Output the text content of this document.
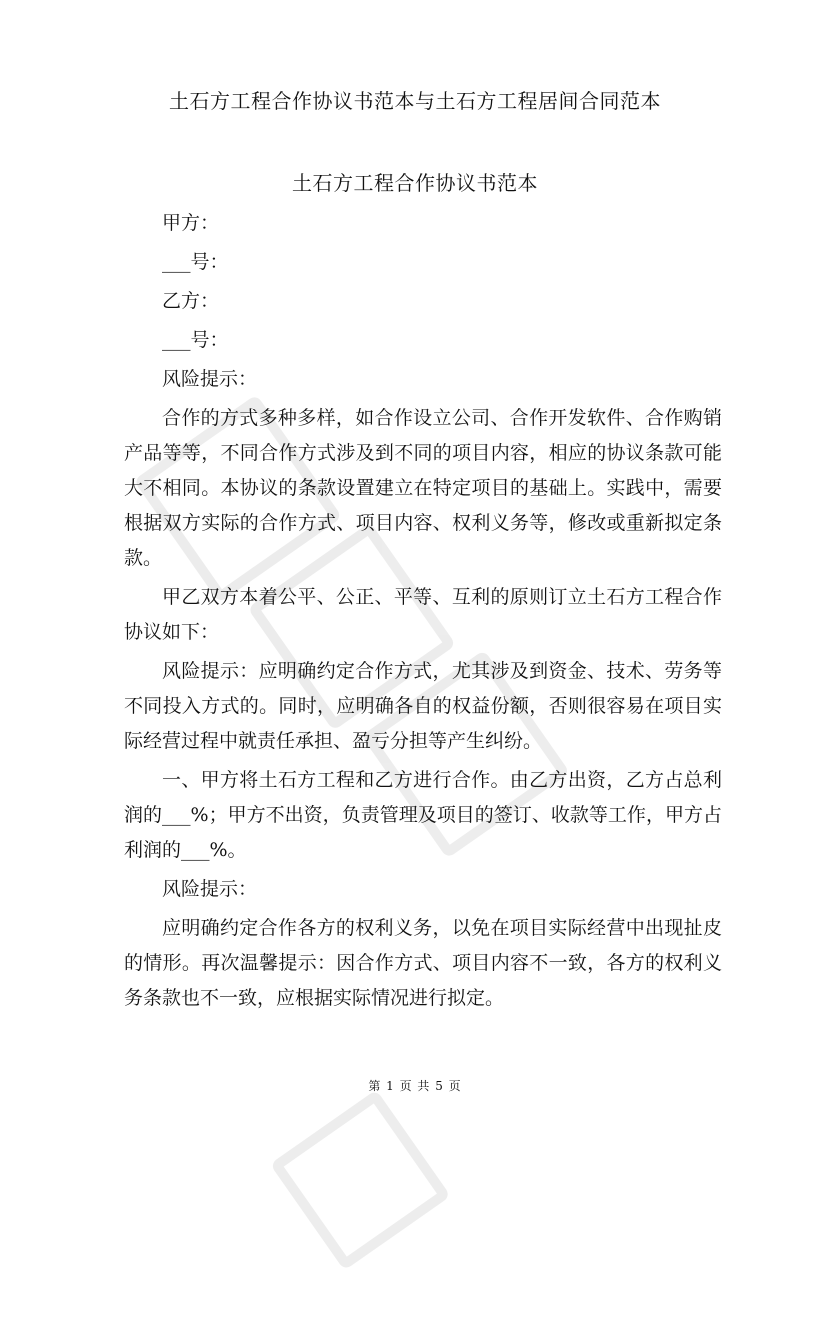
土石方工程合作协议书范本与土石方工程居间合同范本
土石方工程合作协议书范本

甲方：

___号：

乙方：

___号：

风险提示：

合作的方式多种多样，如合作设立公司、合作开发软件、合作购销产品等等，不同合作方式涉及到不同的项目内容，相应的协议条款可能大不相同。本协议的条款设置建立在特定项目的基础上。实践中，需要根据双方实际的合作方式、项目内容、权利义务等，修改或重新拟定条款。

甲乙双方本着公平、公正、平等、互利的原则订立土石方工程合作协议如下：

风险提示：应明确约定合作方式，尤其涉及到资金、技术、劳务等不同投入方式的。同时，应明确各自的权益份额，否则很容易在项目实际经营过程中就责任承担、盈亏分担等产生纠纷。

一、甲方将土石方工程和乙方进行合作。由乙方出资，乙方占总利润的___%；甲方不出资，负责管理及项目的签订、收款等工作，甲方占利润的___%。

风险提示：

应明确约定合作各方的权利义务，以免在项目实际经营中出现扯皮的情形。再次温馨提示：因合作方式、项目内容不一致，各方的权利义务条款也不一致，应根据实际情况进行拟定。

第 1 页 共 5 页
